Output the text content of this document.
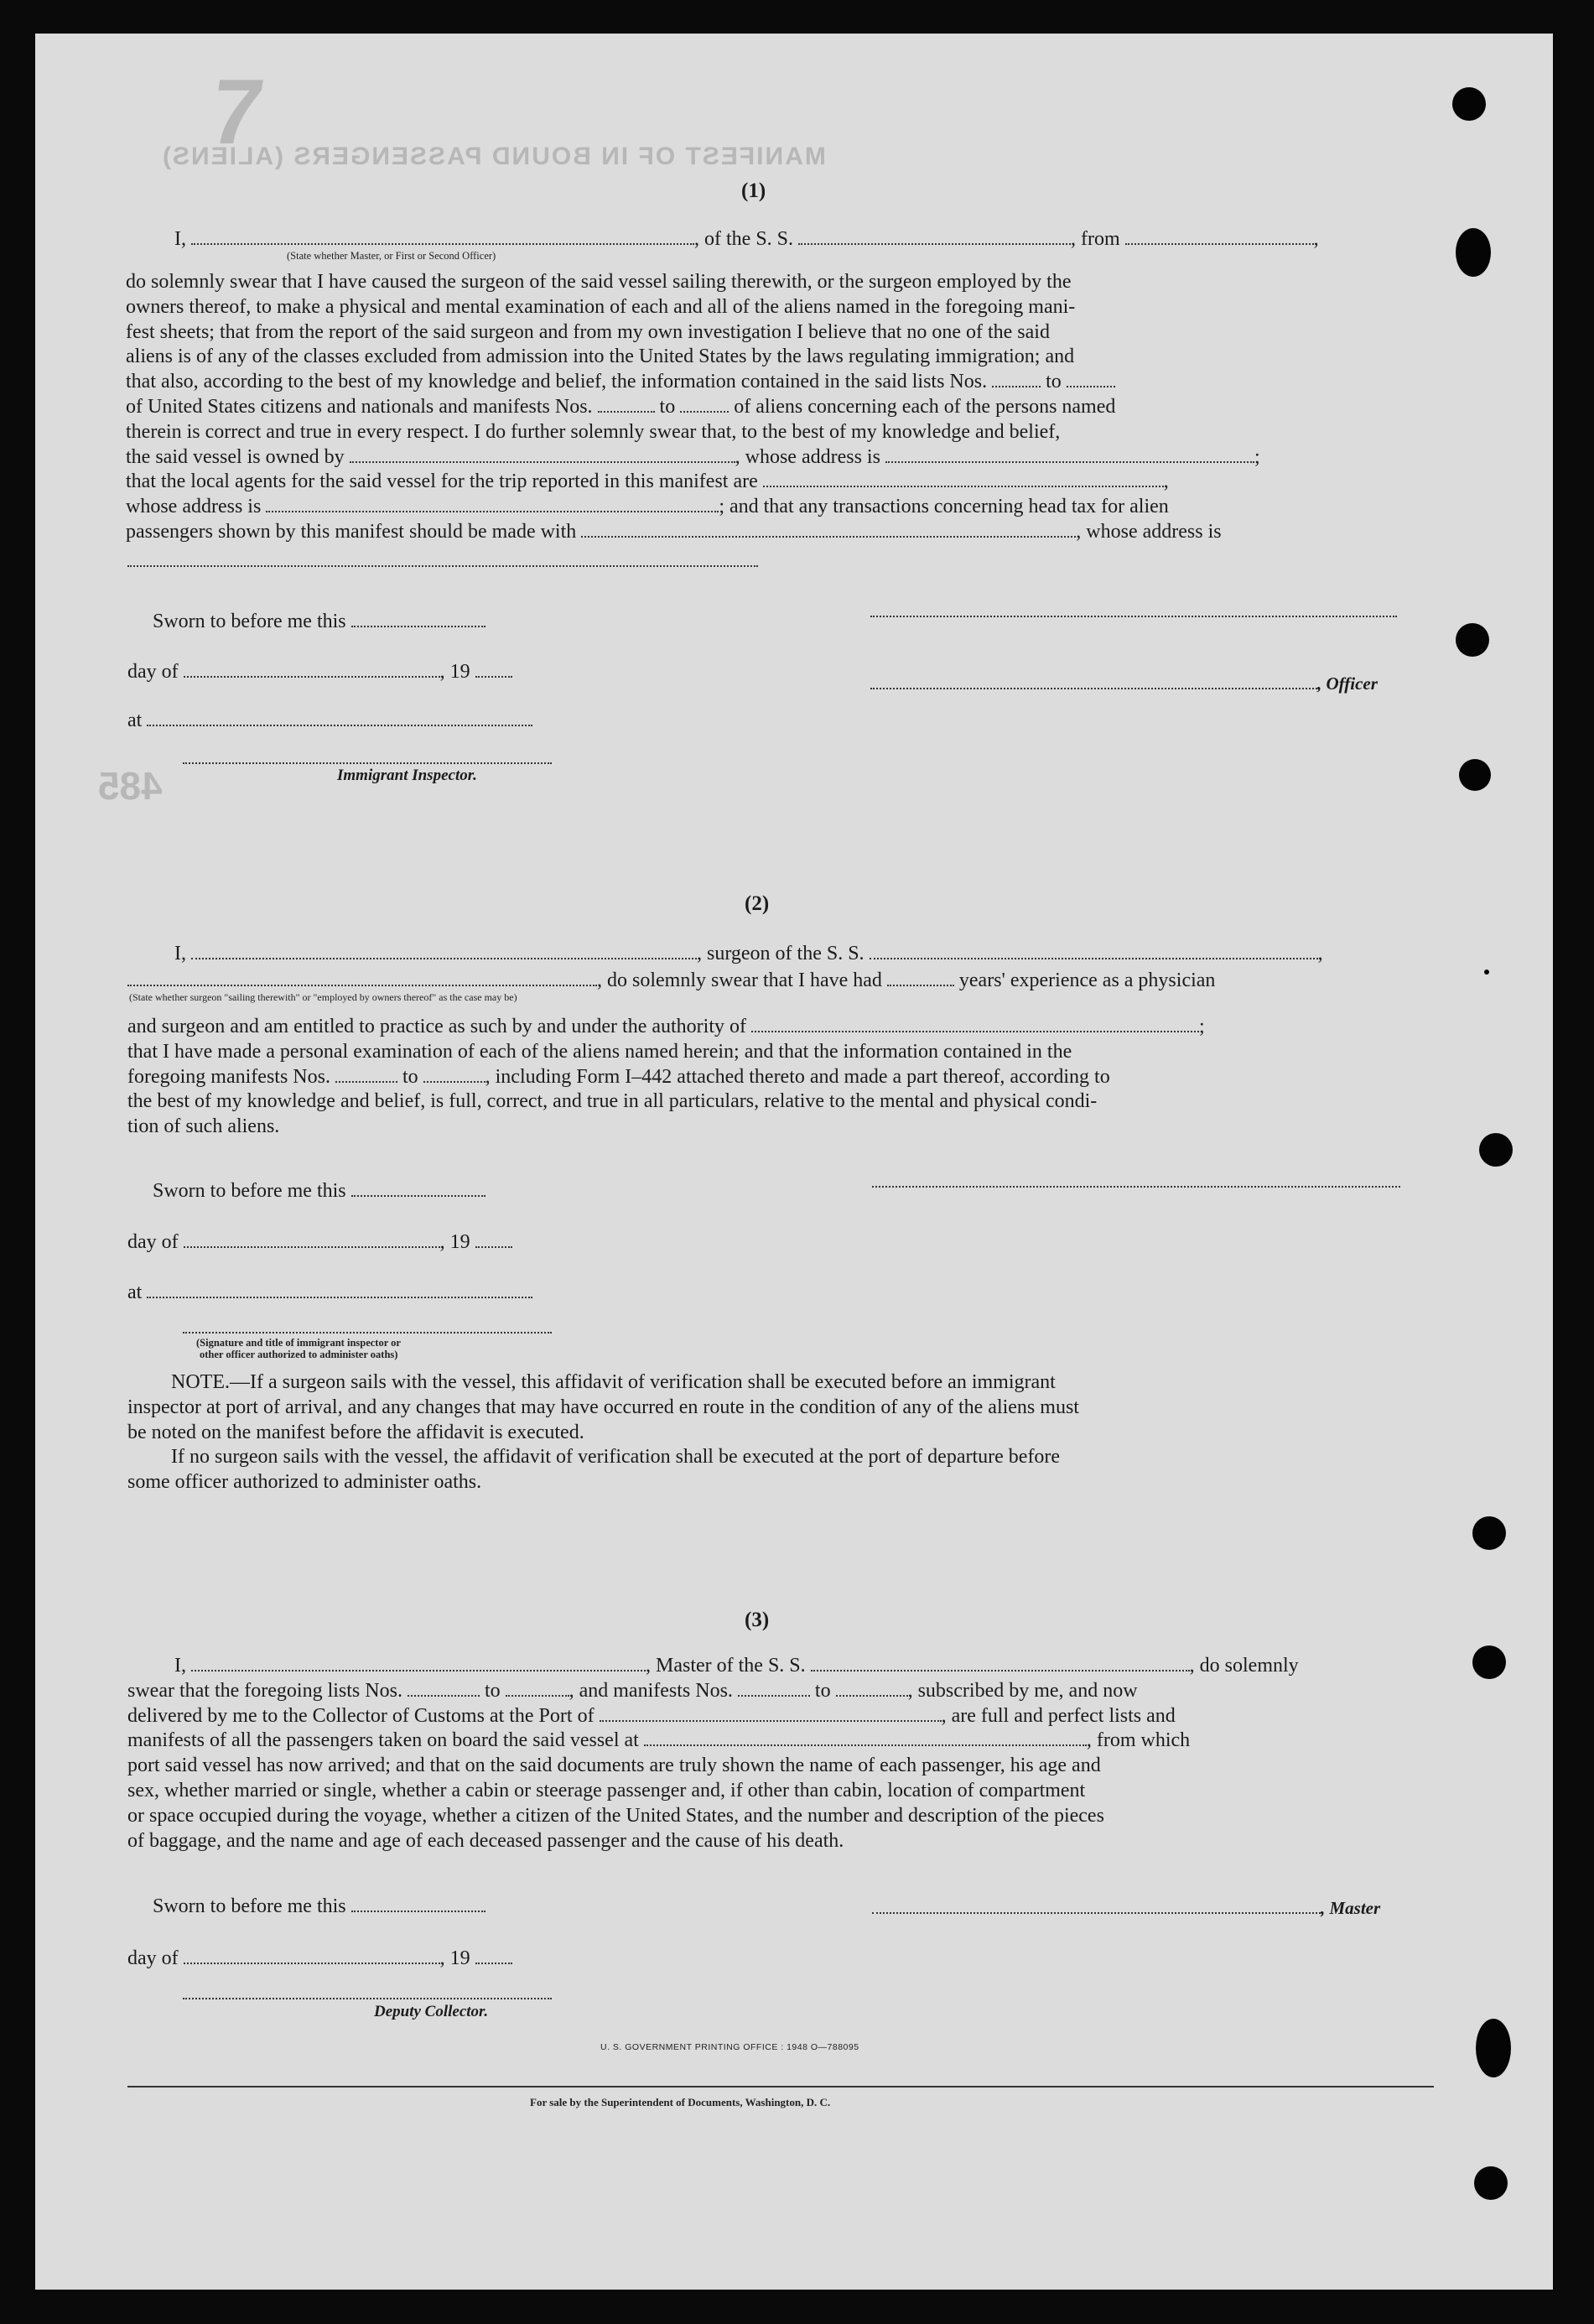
7
MANIFEST OF IN BOUND PASSENGERS (ALIENS)
485
(1)
I,	, of the S. S.	, from	,
(State whether Master, or First or Second Officer)

do solemnly swear that I have caused the surgeon of the said vessel sailing therewith, or the surgeon employed by the

owners thereof, to make a physical and mental examination of each and all of the aliens named in the foregoing mani-

fest sheets; that from the report of the said surgeon and from my own investigation I believe that no one of the said

aliens is of any of the classes excluded from admission into the United States by the laws regulating immigration; and

that also, according to the best of my knowledge and belief, the information contained in the said lists Nos.	to

of United States citizens and nationals and manifests Nos.	to	of aliens concerning each of the persons named

therein is correct and true in every respect. I do further solemnly swear that, to the best of my knowledge and belief,

the said vessel is owned by	, whose address is	;

that the local agents for the said vessel for the trip reported in this manifest are	,

whose address is	; and that any transactions concerning head tax for alien

passengers shown by this manifest should be made with	, whose address is

Sworn to before me this
day of	, 19
at
, Officer
Immigrant Inspector.
(2)
I,	, surgeon of the S. S.	,
, do solemnly swear that I have had	years' experience as a physician
(State whether surgeon "sailing therewith" or "employed by owners thereof" as the case may be)

and surgeon and am entitled to practice as such by and under the authority of	;

that I have made a personal examination of each of the aliens named herein; and that the information contained in the

foregoing manifests Nos.	to	, including Form I–442 attached thereto and made a part thereof, according to

the best of my knowledge and belief, is full, correct, and true in all particulars, relative to the mental and physical condi-

tion of such aliens.

Sworn to before me this
day of	, 19
at
(Signature and title of immigrant inspector or
other officer authorized to administer oaths)

NOTE.—If a surgeon sails with the vessel, this affidavit of verification shall be executed before an immigrant

inspector at port of arrival, and any changes that may have occurred en route in the condition of any of the aliens must

be noted on the manifest before the affidavit is executed.

If no surgeon sails with the vessel, the affidavit of verification shall be executed at the port of departure before

some officer authorized to administer oaths.

(3)

I,	, Master of the S. S.	, do solemnly

swear that the foregoing lists Nos.	to	, and manifests Nos.	to	, subscribed by me, and now

delivered by me to the Collector of Customs at the Port of	, are full and perfect lists and

manifests of all the passengers taken on board the said vessel at	, from which

port said vessel has now arrived; and that on the said documents are truly shown the name of each passenger, his age and

sex, whether married or single, whether a cabin or steerage passenger and, if other than cabin, location of compartment

or space occupied during the voyage, whether a citizen of the United States, and the number and description of the pieces

of baggage, and the name and age of each deceased passenger and the cause of his death.

Sworn to before me this
day of	, 19
, Master
Deputy Collector.
U. S. GOVERNMENT PRINTING OFFICE : 1948 O—788095
For sale by the Superintendent of Documents, Washington, D. C.
